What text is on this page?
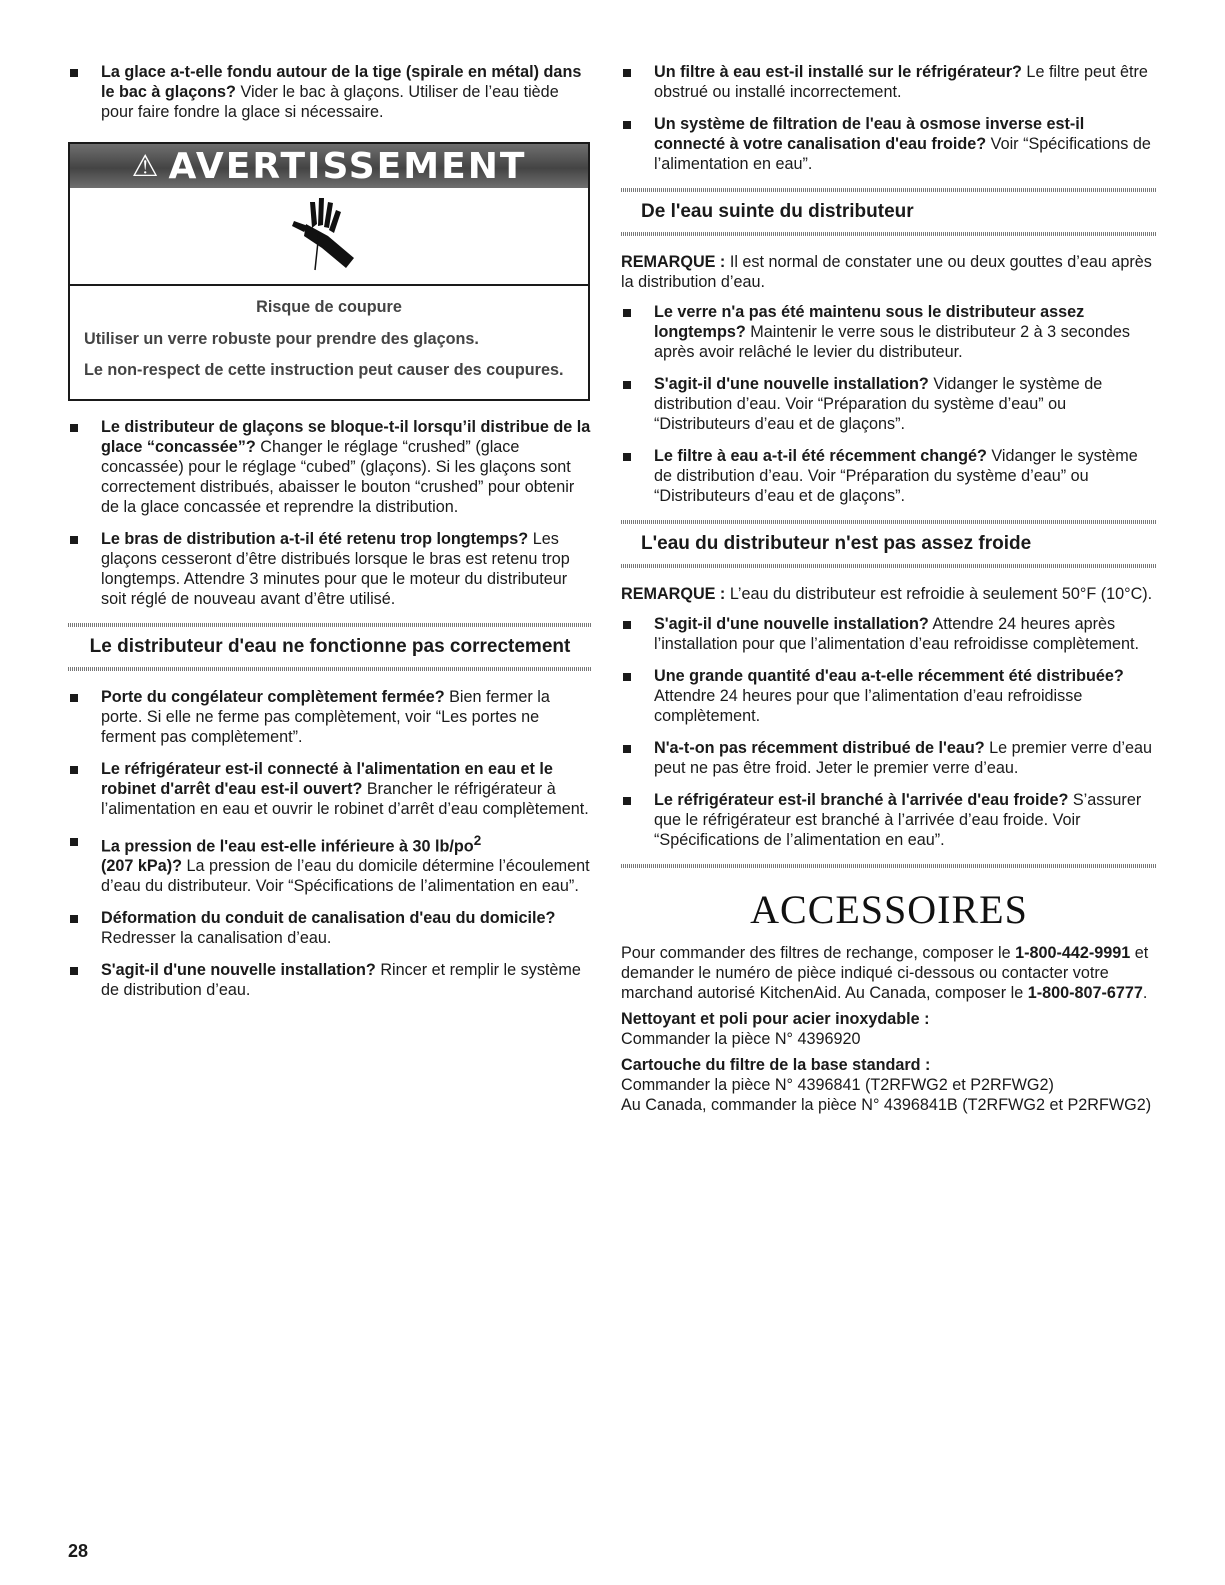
La glace a-t-elle fondu autour de la tige (spirale en métal) dans le bac à glaçons? Vider le bac à glaçons. Utiliser de l’eau tiède pour faire fondre la glace si nécessaire.
⚠ AVERTISSEMENT

Risque de coupure

Utiliser un verre robuste pour prendre des glaçons.

Le non-respect de cette instruction peut causer des coupures.

Le distributeur de glaçons se bloque-t-il lorsqu’il distribue de la glace “concassée”? Changer le réglage “crushed” (glace concassée) pour le réglage “cubed” (glaçons). Si les glaçons sont correctement distribués, abaisser le bouton “crushed” pour obtenir de la glace concassée et reprendre la distribution.
Le bras de distribution a-t-il été retenu trop longtemps? Les glaçons cesseront d’être distribués lorsque le bras est retenu trop longtemps. Attendre 3 minutes pour que le moteur du distributeur soit réglé de nouveau avant d’être utilisé.
Le distributeur d'eau ne fonctionne pas correctement
Porte du congélateur complètement fermée? Bien fermer la porte. Si elle ne ferme pas complètement, voir “Les portes ne ferment pas complètement”.
Le réfrigérateur est-il connecté à l'alimentation en eau et le robinet d'arrêt d'eau est-il ouvert? Brancher le réfrigérateur à l’alimentation en eau et ouvrir le robinet d’arrêt d’eau complètement.
La pression de l'eau est-elle inférieure à 30 $lb/po^2$
(207 kPa)? La pression de l’eau du domicile détermine l’écoulement d’eau du distributeur. Voir “Spécifications de l’alimentation en eau”.
Déformation du conduit de canalisation d'eau du domicile? Redresser la canalisation d’eau.
S'agit-il d'une nouvelle installation? Rincer et remplir le système de distribution d’eau.
Un filtre à eau est-il installé sur le réfrigérateur? Le filtre peut être obstrué ou installé incorrectement.
Un système de filtration de l'eau à osmose inverse est-il connecté à votre canalisation d'eau froide? Voir “Spécifications de l’alimentation en eau”.
De l'eau suinte du distributeur

REMARQUE : Il est normal de constater une ou deux gouttes d’eau après la distribution d’eau.

Le verre n'a pas été maintenu sous le distributeur assez longtemps? Maintenir le verre sous le distributeur 2 à 3 secondes après avoir relâché le levier du distributeur.
S'agit-il d'une nouvelle installation? Vidanger le système de distribution d’eau. Voir “Préparation du système d’eau” ou “Distributeurs d’eau et de glaçons”.
Le filtre à eau a-t-il été récemment changé? Vidanger le système de distribution d’eau. Voir “Préparation du système d’eau” ou “Distributeurs d’eau et de glaçons”.
L'eau du distributeur n'est pas assez froide

REMARQUE : L’eau du distributeur est refroidie à seulement 50°F (10°C).

S'agit-il d'une nouvelle installation? Attendre 24 heures après l’installation pour que l’alimentation d’eau refroidisse complètement.
Une grande quantité d'eau a-t-elle récemment été distribuée? Attendre 24 heures pour que l’alimentation d’eau refroidisse complètement.
N'a-t-on pas récemment distribué de l'eau? Le premier verre d’eau peut ne pas être froid. Jeter le premier verre d’eau.
Le réfrigérateur est-il branché à l'arrivée d'eau froide? S’assurer que le réfrigérateur est branché à l’arrivée d’eau froide. Voir “Spécifications de l’alimentation en eau”.
ACCESSOIRES

Pour commander des filtres de rechange, composer le 1-800-442-9991 et demander le numéro de pièce indiqué ci-dessous ou contacter votre marchand autorisé KitchenAid. Au Canada, composer le 1-800-807-6777.

Nettoyant et poli pour acier inoxydable :
Commander la pièce N° 4396920

Cartouche du filtre de la base standard :
Commander la pièce N° 4396841 (T2RFWG2 et P2RFWG2)
Au Canada, commander la pièce N° 4396841B (T2RFWG2 et P2RFWG2)

28
